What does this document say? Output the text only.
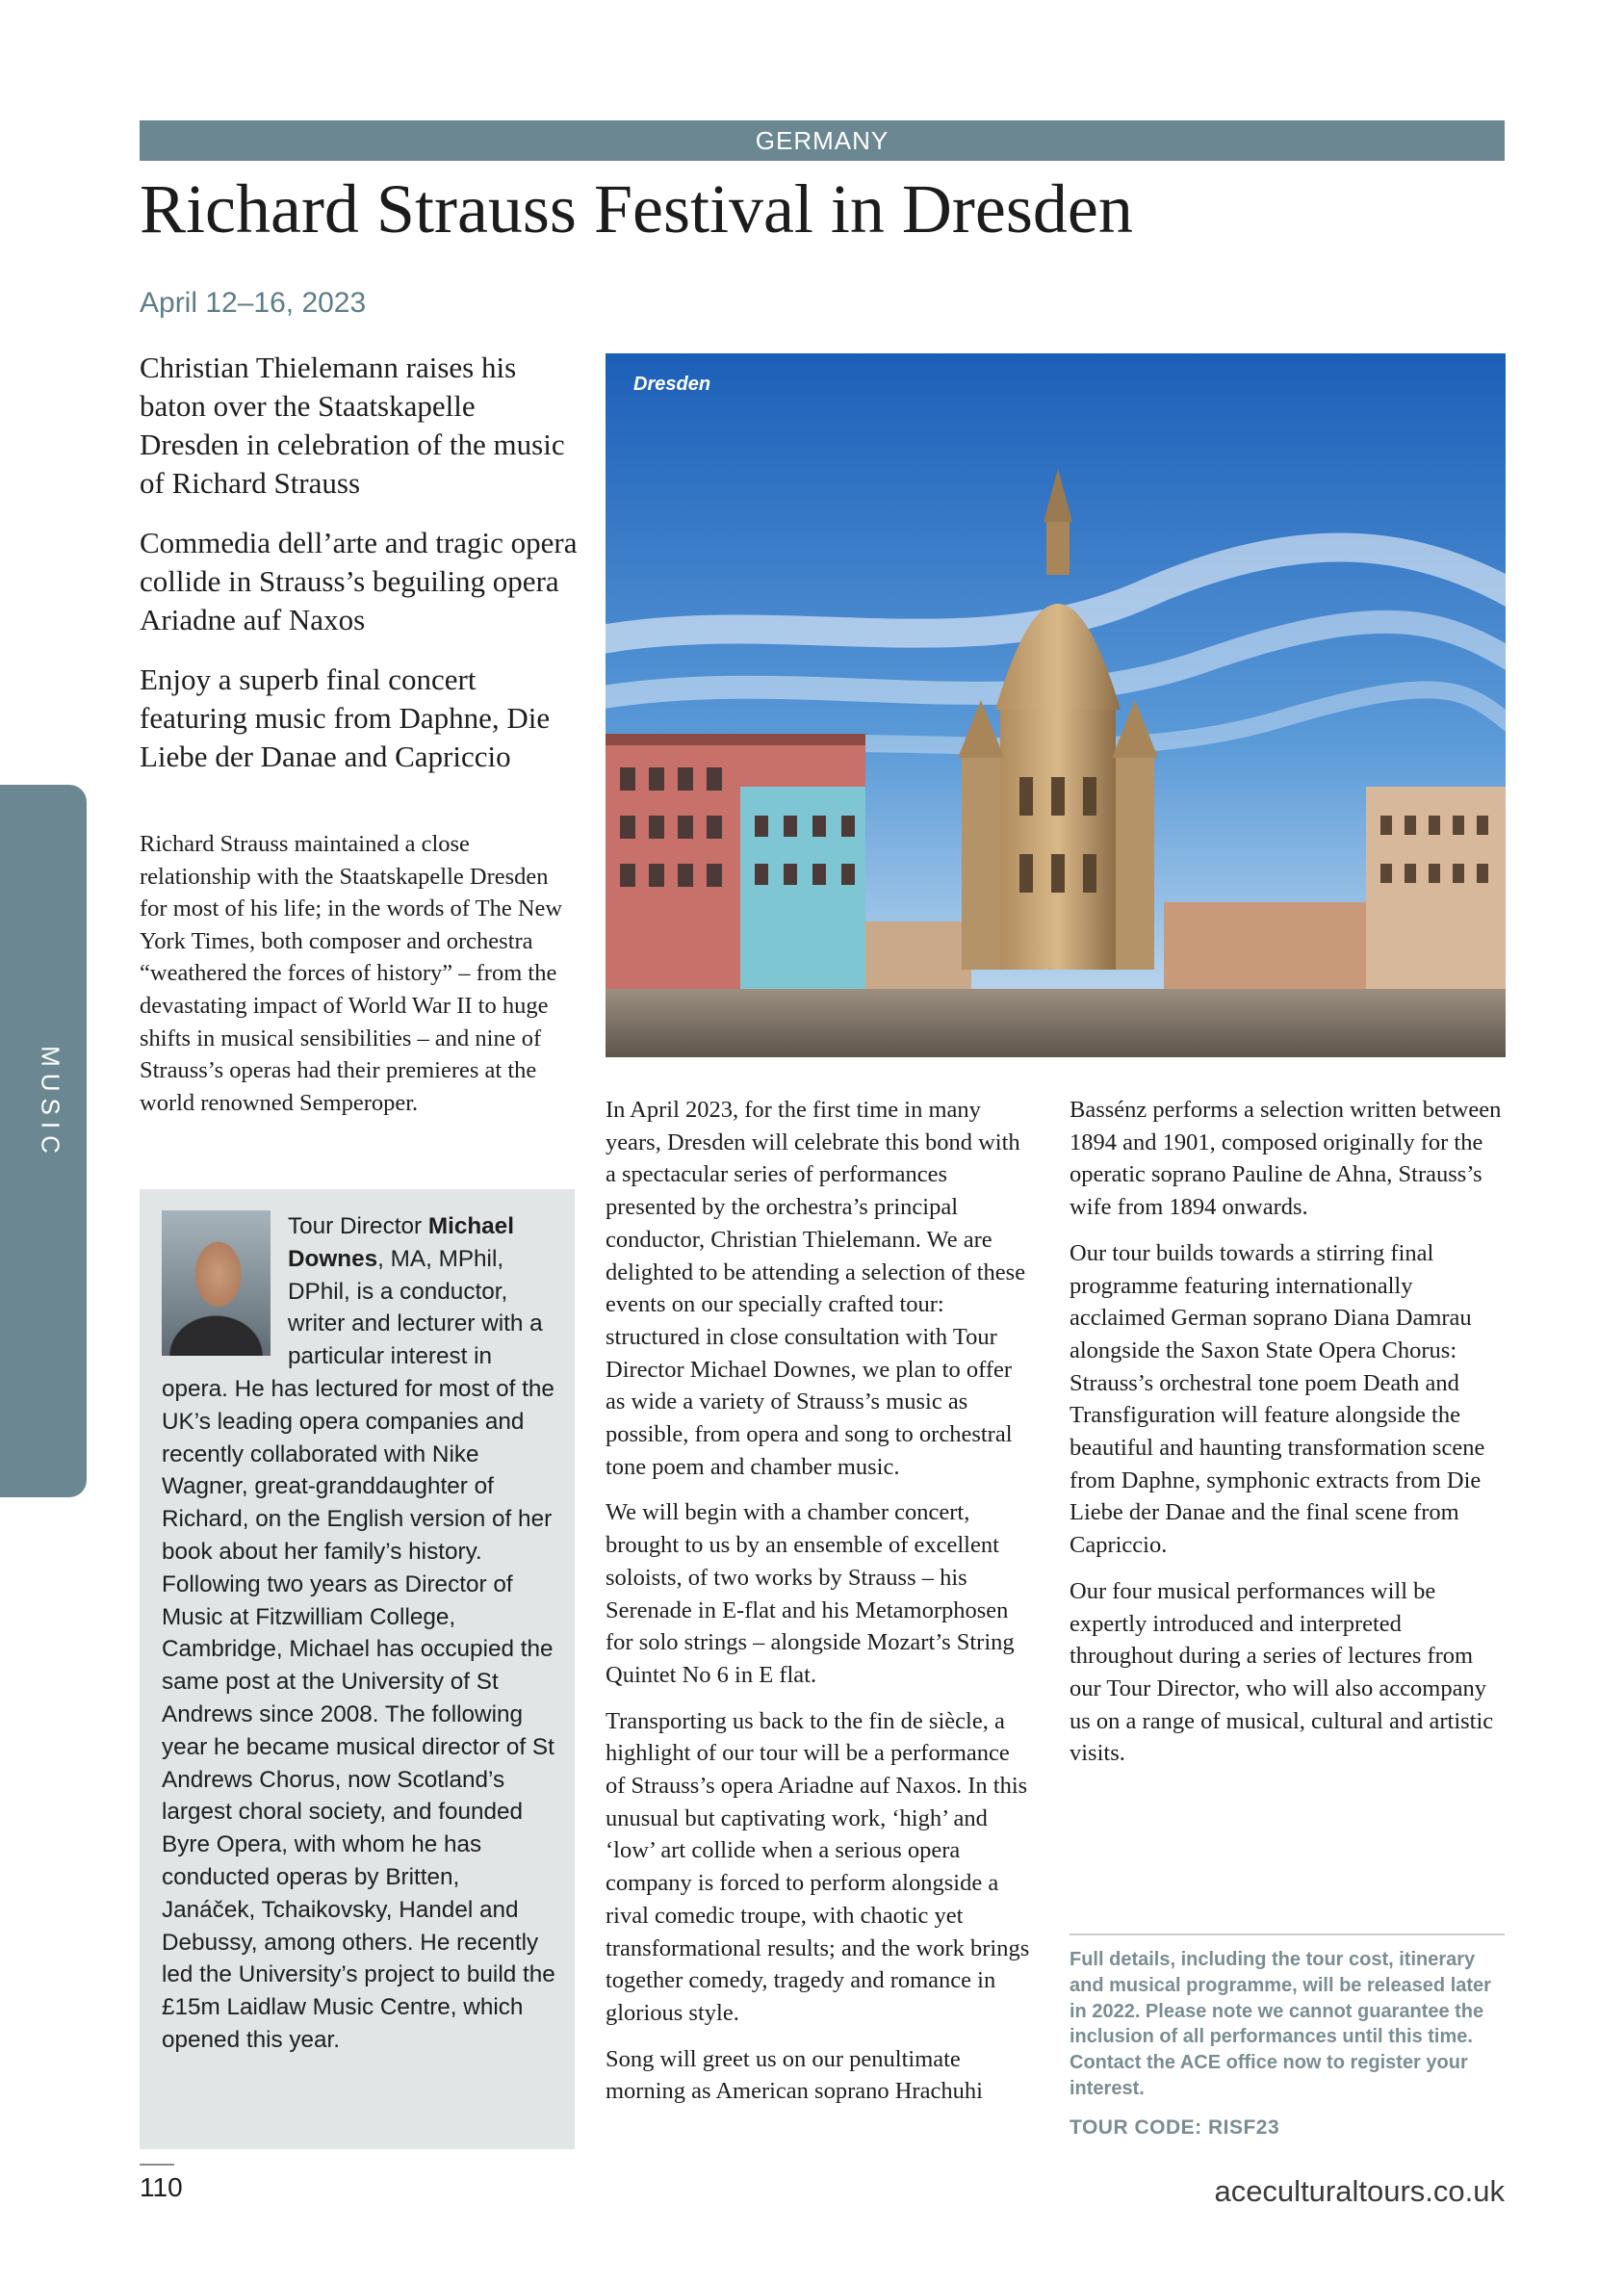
GERMANY
Richard Strauss Festival in Dresden
April 12–16, 2023

Christian Thielemann raises his baton over the Staatskapelle Dresden in celebration of the music of Richard Strauss

Commedia dell’arte and tragic opera collide in Strauss’s beguiling opera Ariadne auf Naxos

Enjoy a superb final concert featuring music from Daphne, Die Liebe der Danae and Capriccio

Richard Strauss maintained a close relationship with the Staatskapelle Dresden for most of his life; in the words of The New York Times, both composer and orchestra “weathered the forces of history” – from the devastating impact of World War II to huge shifts in musical sensibilities – and nine of Strauss’s operas had their premieres at the world renowned Semperoper.

MUSIC
Tour Director Michael Downes, MA, MPhil, DPhil, is a conductor, writer and lecturer with a particular interest in opera. He has lectured for most of the UK’s leading opera companies and recently collaborated with Nike Wagner, great-granddaughter of Richard, on the English version of her book about her family’s history. Following two years as Director of Music at Fitzwilliam College, Cambridge, Michael has occupied the same post at the University of St Andrews since 2008. The following year he became musical director of St Andrews Chorus, now Scotland’s largest choral society, and founded Byre Opera, with whom he has conducted operas by Britten, Janáček, Tchaikovsky, Handel and Debussy, among others. He recently led the University’s project to build the £15m Laidlaw Music Centre, which opened this year.
Dresden

In April 2023, for the first time in many years, Dresden will celebrate this bond with a spectacular series of performances presented by the orchestra’s principal conductor, Christian Thielemann. We are delighted to be attending a selection of these events on our specially crafted tour: structured in close consultation with Tour Director Michael Downes, we plan to offer as wide a variety of Strauss’s music as possible, from opera and song to orchestral tone poem and chamber music.

We will begin with a chamber concert, brought to us by an ensemble of excellent soloists, of two works by Strauss – his Serenade in E-flat and his Metamorphosen for solo strings – alongside Mozart’s String Quintet No 6 in E flat.

Transporting us back to the fin de siècle, a highlight of our tour will be a performance of Strauss’s opera Ariadne auf Naxos. In this unusual but captivating work, ‘high’ and ‘low’ art collide when a serious opera company is forced to perform alongside a rival comedic troupe, with chaotic yet transformational results; and the work brings together comedy, tragedy and romance in glorious style.

Song will greet us on our penultimate morning as American soprano Hrachuhi

Bassénz performs a selection written between 1894 and 1901, composed originally for the operatic soprano Pauline de Ahna, Strauss’s wife from 1894 onwards.

Our tour builds towards a stirring final programme featuring internationally acclaimed German soprano Diana Damrau alongside the Saxon State Opera Chorus: Strauss’s orchestral tone poem Death and Transfiguration will feature alongside the beautiful and haunting transformation scene from Daphne, symphonic extracts from Die Liebe der Danae and the final scene from Capriccio.

Our four musical performances will be expertly introduced and interpreted throughout during a series of lectures from our Tour Director, who will also accompany us on a range of musical, cultural and artistic visits.

Full details, including the tour cost, itinerary and musical programme, will be released later in 2022. Please note we cannot guarantee the inclusion of all performances until this time. Contact the ACE office now to register your interest.

TOUR CODE: RISF23
110	aceculturaltours.co.uk
